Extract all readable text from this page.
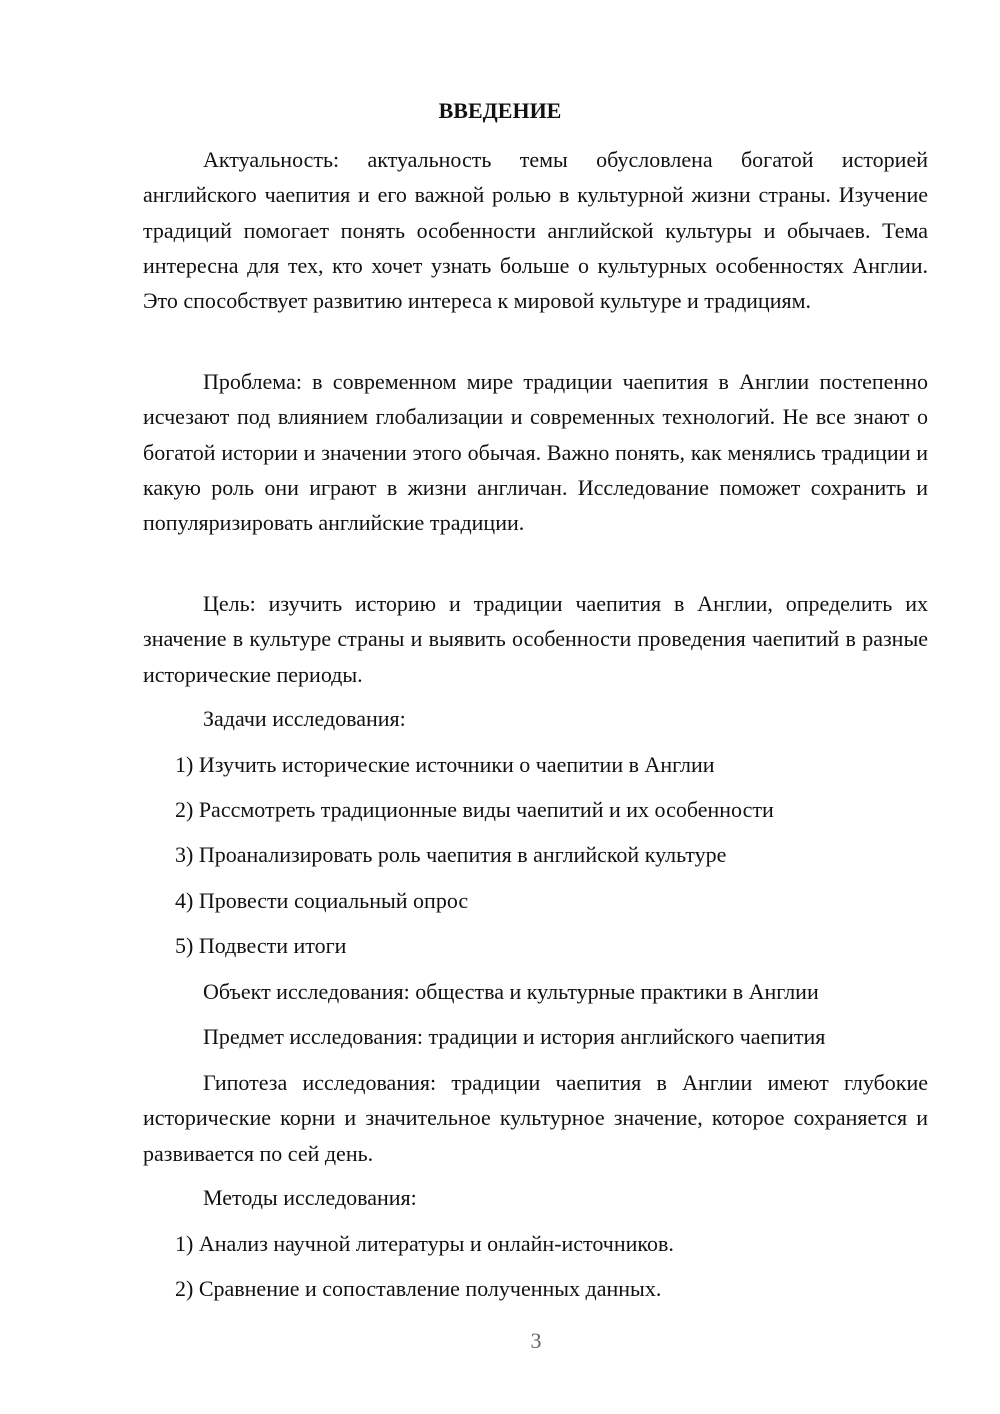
ВВЕДЕНИЕ

Актуальность: актуальность темы обусловлена богатой историей английского чаепития и его важной ролью в культурной жизни страны. Изучение традиций помогает понять особенности английской культуры и обычаев. Тема интересна для тех, кто хочет узнать больше о культурных особенностях Англии. Это способствует развитию интереса к мировой культуре и традициям.

Проблема: в современном мире традиции чаепития в Англии постепенно исчезают под влиянием глобализации и современных технологий. Не все знают о богатой истории и значении этого обычая. Важно понять, как менялись традиции и какую роль они играют в жизни англичан. Исследование поможет сохранить и популяризировать английские традиции.

Цель: изучить историю и традиции чаепития в Англии, определить их значение в культуре страны и выявить особенности проведения чаепитий в разные исторические периоды.

Задачи исследования:

1) Изучить исторические источники о чаепитии в Англии

2) Рассмотреть традиционные виды чаепитий и их особенности

3) Проанализировать роль чаепития в английской культуре

4) Провести социальный опрос

5) Подвести итоги

Объект исследования: общества и культурные практики в Англии

Предмет исследования: традиции и история английского чаепития

Гипотеза исследования: традиции чаепития в Англии имеют глубокие исторические корни и значительное культурное значение, которое сохраняется и развивается по сей день.

Методы исследования:

1) Анализ научной литературы и онлайн-источников.

2) Сравнение и сопоставление полученных данных.

3
